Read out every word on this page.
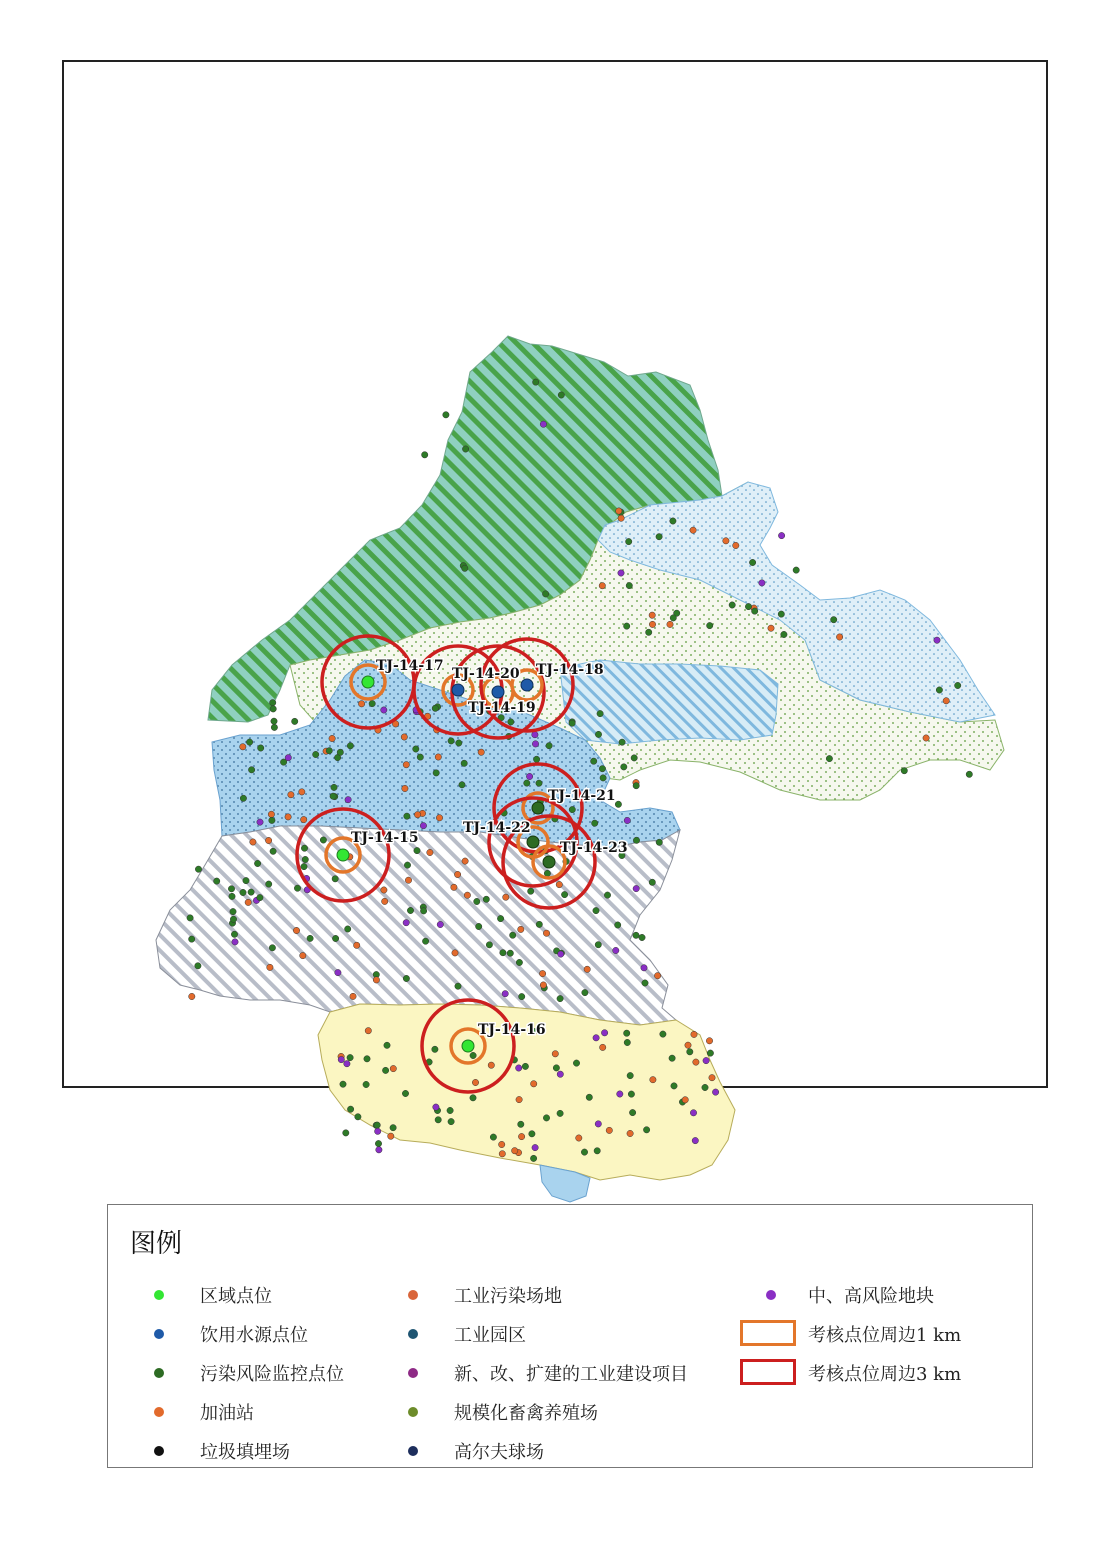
TJ-14-17 TJ-14-20 TJ-14-18
TJ-14-19
TJ-14-21
TJ-14-22
TJ-14-23
TJ-14-15
TJ-14-16
图例
区域点位
饮用水源点位
污染风险监控点位
加油站
垃圾填埋场
工业污染场地
工业园区
新、改、扩建的工业建设项目
规模化畜禽养殖场
高尔夫球场
中、高风险地块
考核点位周边1 km
考核点位周边3 km
